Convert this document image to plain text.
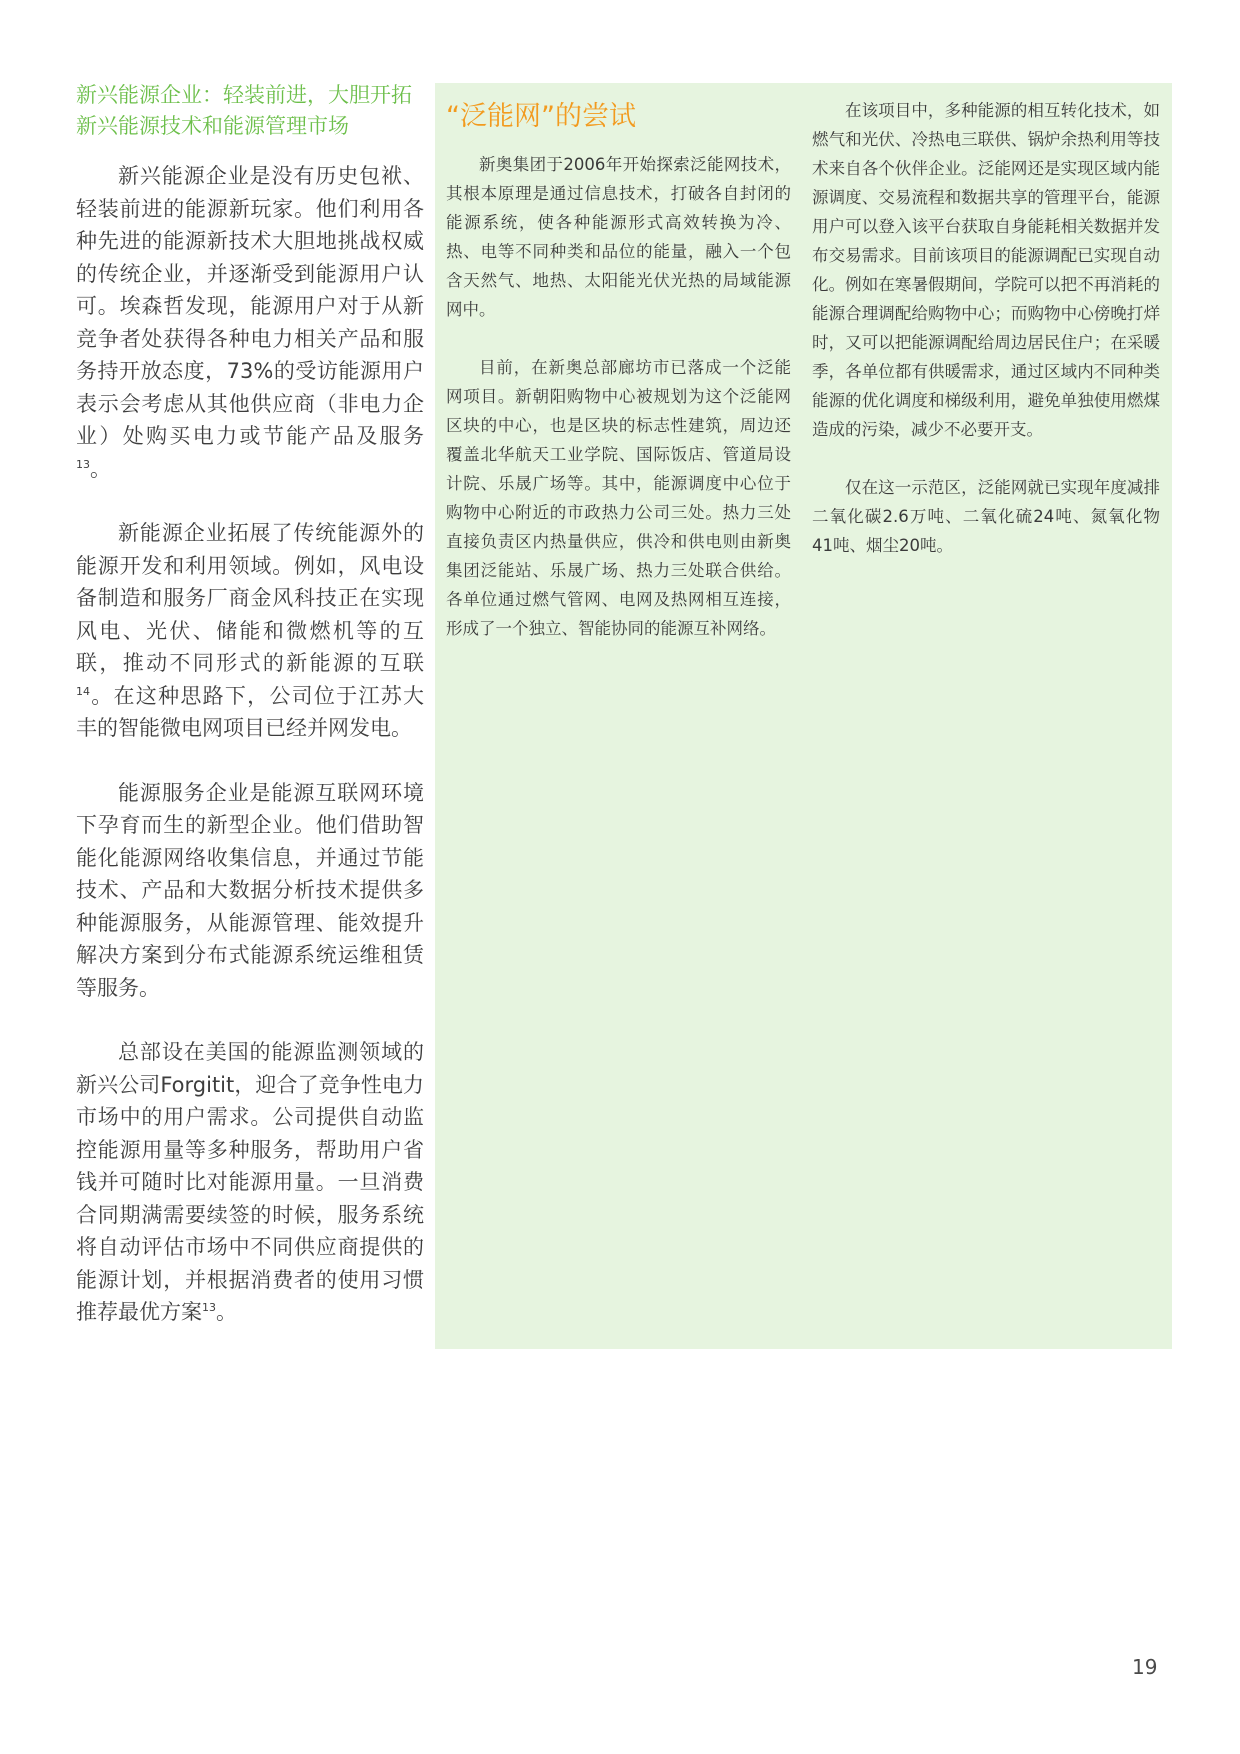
新兴能源企业：轻装前进，大胆开拓新兴能源技术和能源管理市场

新兴能源企业是没有历史包袱、轻装前进的能源新玩家。他们利用各种先进的能源新技术大胆地挑战权威的传统企业，并逐渐受到能源用户认可。埃森哲发现，能源用户对于从新竞争者处获得各种电力相关产品和服务持开放态度，73%的受访能源用户表示会考虑从其他供应商（非电力企业）处购买电力或节能产品及服务$^{13}$。

新能源企业拓展了传统能源外的能源开发和利用领域。例如，风电设备制造和服务厂商金风科技正在实现风电、光伏、储能和微燃机等的互联，推动不同形式的新能源的互联$^{14}$。在这种思路下，公司位于江苏大丰的智能微电网项目已经并网发电。

能源服务企业是能源互联网环境下孕育而生的新型企业。他们借助智能化能源网络收集信息，并通过节能技术、产品和大数据分析技术提供多种能源服务，从能源管理、能效提升解决方案到分布式能源系统运维租赁等服务。

总部设在美国的能源监测领域的新兴公司Forgitit，迎合了竞争性电力市场中的用户需求。公司提供自动监控能源用量等多种服务，帮助用户省钱并可随时比对能源用量。一旦消费合同期满需要续签的时候，服务系统将自动评估市场中不同供应商提供的能源计划，并根据消费者的使用习惯推荐最优方案$^{13}$。

“泛能网”的尝试

新奥集团于2006年开始探索泛能网技术，其根本原理是通过信息技术，打破各自封闭的能源系统，使各种能源形式高效转换为冷、热、电等不同种类和品位的能量，融入一个包含天然气、地热、太阳能光伏光热的局域能源网中。

目前，在新奥总部廊坊市已落成一个泛能网项目。新朝阳购物中心被规划为这个泛能网区块的中心，也是区块的标志性建筑，周边还覆盖北华航天工业学院、国际饭店、管道局设计院、乐晟广场等。其中，能源调度中心位于购物中心附近的市政热力公司三处。热力三处直接负责区内热量供应，供冷和供电则由新奥集团泛能站、乐晟广场、热力三处联合供给。各单位通过燃气管网、电网及热网相互连接，形成了一个独立、智能协同的能源互补网络。

在该项目中，多种能源的相互转化技术，如燃气和光伏、冷热电三联供、锅炉余热利用等技术来自各个伙伴企业。泛能网还是实现区域内能源调度、交易流程和数据共享的管理平台，能源用户可以登入该平台获取自身能耗相关数据并发布交易需求。目前该项目的能源调配已实现自动化。例如在寒暑假期间，学院可以把不再消耗的能源合理调配给购物中心；而购物中心傍晚打烊时，又可以把能源调配给周边居民住户；在采暖季，各单位都有供暖需求，通过区域内不同种类能源的优化调度和梯级利用，避免单独使用燃煤造成的污染，减少不必要开支。

仅在这一示范区，泛能网就已实现年度减排二氧化碳2.6万吨、二氧化硫24吨、氮氧化物41吨、烟尘20吨。

19
